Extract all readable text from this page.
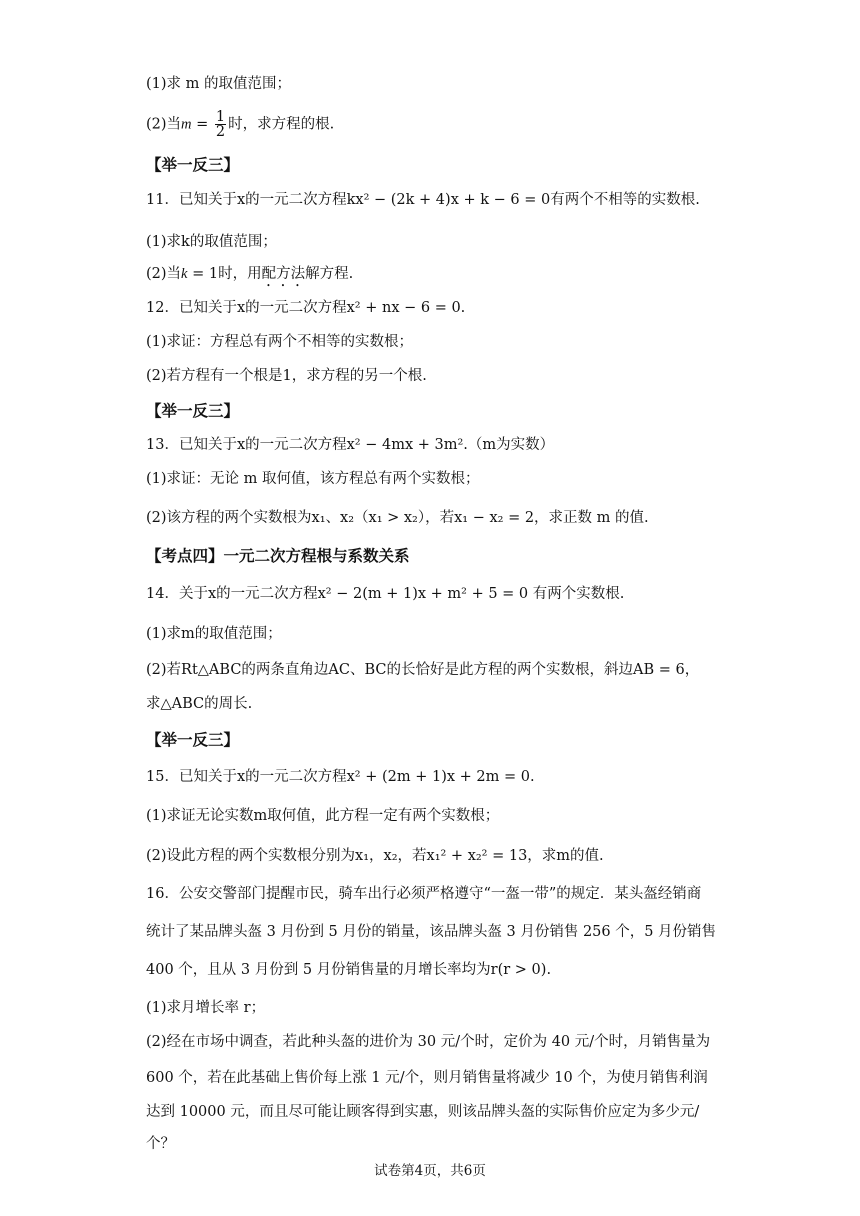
(1)求 m 的取值范围；
(2)当$m = \frac{1}{2}$ 时，求方程的根.
【举一反三】
11．已知关于x的一元二次方程kx² − (2k + 4)x + k − 6 = 0有两个不相等的实数根.
(1)求k的取值范围；
(2)当k = 1时，用配方法解方程.
12．已知关于x的一元二次方程x² + nx − 6 = 0.
(1)求证：方程总有两个不相等的实数根；
(2)若方程有一个根是1，求方程的另一个根.
【举一反三】
13．已知关于x的一元二次方程x² − 4mx + 3m².（m为实数）
(1)求证：无论 m 取何值，该方程总有两个实数根；
(2)该方程的两个实数根为x₁、x₂（x₁ > x₂），若x₁ − x₂ = 2，求正数 m 的值.
【考点四】一元二次方程根与系数关系
14．关于x的一元二次方程x² − 2(m + 1)x + m² + 5 = 0 有两个实数根.
(1)求m的取值范围；
(2)若Rt△ABC的两条直角边AC、BC的长恰好是此方程的两个实数根，斜边AB = 6，
求△ABC的周长.
【举一反三】
15．已知关于x的一元二次方程x² + (2m + 1)x + 2m = 0.
(1)求证无论实数m取何值，此方程一定有两个实数根；
(2)设此方程的两个实数根分别为x₁，x₂，若x₁² + x₂² = 13，求m的值.
16．公安交警部门提醒市民，骑车出行必须严格遵守“一盔一带”的规定．某头盔经销商
统计了某品牌头盔 3 月份到 5 月份的销量，该品牌头盔 3 月份销售 256 个，5 月份销售
400 个，且从 3 月份到 5 月份销售量的月增长率均为r(r > 0).
(1)求月增长率 r；
(2)经在市场中调查，若此种头盔的进价为 30 元/个时，定价为 40 元/个时，月销售量为
600 个，若在此基础上售价每上涨 1 元/个，则月销售量将减少 10 个，为使月销售利润
达到 10000 元，而且尽可能让顾客得到实惠，则该品牌头盔的实际售价应定为多少元/
个？
试卷第4页，共6页
